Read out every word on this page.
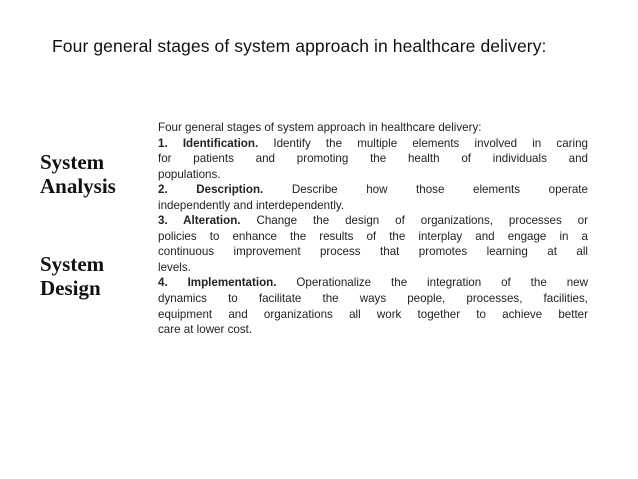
Four general stages of system approach in healthcare delivery:
System
Analysis
System
Design
Four general stages of system approach in healthcare delivery:
1. Identification. Identify the multiple elements involved in caring
for patients and promoting the health of individuals and
populations.
2. Description. Describe how those elements operate
independently and interdependently.
3. Alteration. Change the design of organizations, processes or
policies to enhance the results of the interplay and engage in a
continuous improvement process that promotes learning at all
levels.
4. Implementation. Operationalize the integration of the new
dynamics to facilitate the ways people, processes, facilities,
equipment and organizations all work together to achieve better
care at lower cost.
